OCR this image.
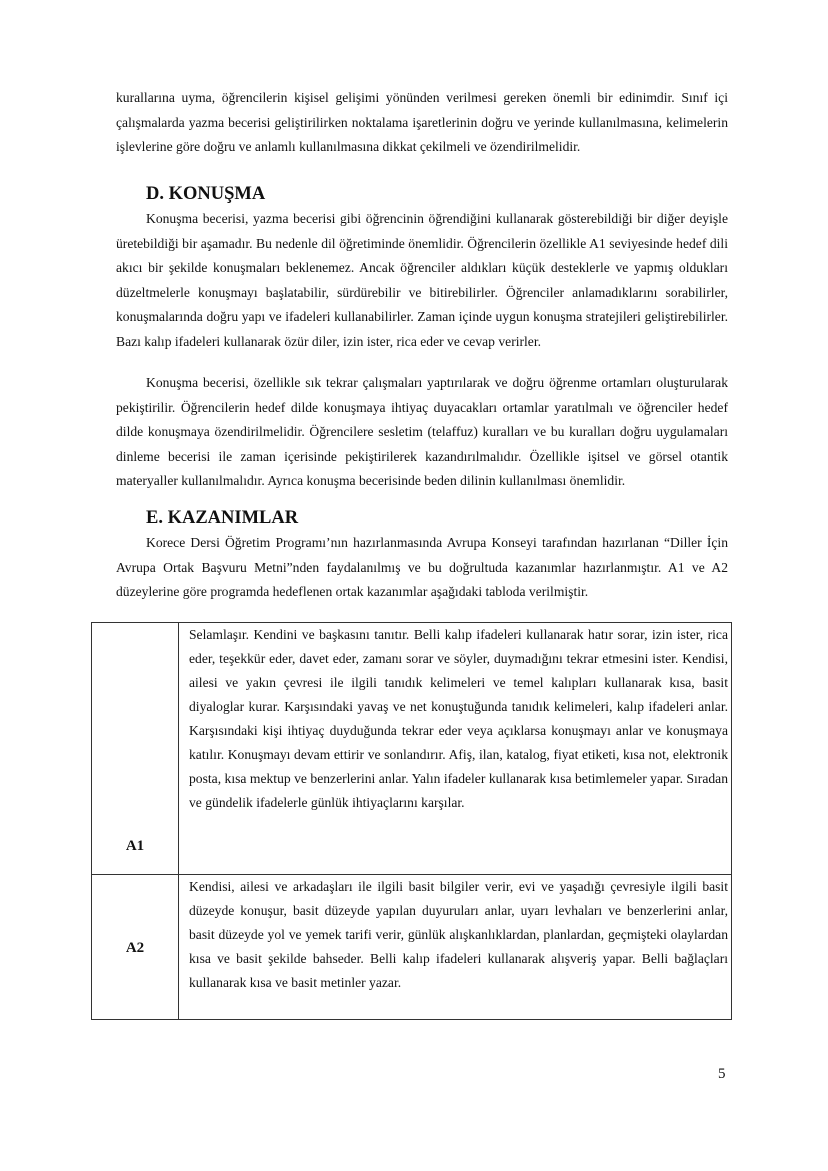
kurallarına uyma, öğrencilerin kişisel gelişimi yönünden verilmesi gereken önemli bir edinimdir. Sınıf içi çalışmalarda yazma becerisi geliştirilirken noktalama işaretlerinin doğru ve yerinde kullanılmasına, kelimelerin işlevlerine göre doğru ve anlamlı kullanılmasına dikkat çekilmeli ve özendirilmelidir.

D. KONUŞMA

Konuşma becerisi, yazma becerisi gibi öğrencinin öğrendiğini kullanarak gösterebildiği bir diğer deyişle üretebildiği bir aşamadır. Bu nedenle dil öğretiminde önemlidir. Öğrencilerin özellikle A1 seviyesinde hedef dili akıcı bir şekilde konuşmaları beklenemez. Ancak öğrenciler aldıkları küçük desteklerle ve yapmış oldukları düzeltmelerle konuşmayı başlatabilir, sürdürebilir ve bitirebilirler. Öğrenciler anlamadıklarını sorabilirler, konuşmalarında doğru yapı ve ifadeleri kullanabilirler. Zaman içinde uygun konuşma stratejileri geliştirebilirler. Bazı kalıp ifadeleri kullanarak özür diler, izin ister, rica eder ve cevap verirler.

Konuşma becerisi, özellikle sık tekrar çalışmaları yaptırılarak ve doğru öğrenme ortamları oluşturularak pekiştirilir. Öğrencilerin hedef dilde konuşmaya ihtiyaç duyacakları ortamlar yaratılmalı ve öğrenciler hedef dilde konuşmaya özendirilmelidir. Öğrencilere sesletim (telaffuz) kuralları ve bu kuralları doğru uygulamaları dinleme becerisi ile zaman içerisinde pekiştirilerek kazandırılmalıdır. Özellikle işitsel ve görsel otantik materyaller kullanılmalıdır. Ayrıca konuşma becerisinde beden dilinin kullanılması önemlidir.

E. KAZANIMLAR

Korece Dersi Öğretim Programı’nın hazırlanmasında Avrupa Konseyi tarafından hazırlanan “Diller İçin Avrupa Ortak Başvuru Metni”nden faydalanılmış ve bu doğrultuda kazanımlar hazırlanmıştır. A1 ve A2 düzeylerine göre programda hedeflenen ortak kazanımlar aşağıdaki tabloda verilmiştir.

A1	Selamlaşır. Kendini ve başkasını tanıtır. Belli kalıp ifadeleri kullanarak hatır sorar, izin ister, rica eder, teşekkür eder, davet eder, zamanı sorar ve söyler, duymadığını tekrar etmesini ister. Kendisi, ailesi ve yakın çevresi ile ilgili tanıdık kelimeleri ve temel kalıpları kullanarak kısa, basit diyaloglar kurar. Karşısındaki yavaş ve net konuştuğunda tanıdık kelimeleri, kalıp ifadeleri anlar. Karşısındaki kişi ihtiyaç duyduğunda tekrar eder veya açıklarsa konuşmayı anlar ve konuşmaya katılır. Konuşmayı devam ettirir ve sonlandırır. Afiş, ilan, katalog, fiyat etiketi, kısa not, elektronik posta, kısa mektup ve benzerlerini anlar. Yalın ifadeler kullanarak kısa betimlemeler yapar. Sıradan ve gündelik ifadelerle günlük ihtiyaçlarını karşılar.
A2	Kendisi, ailesi ve arkadaşları ile ilgili basit bilgiler verir, evi ve yaşadığı çevresiyle ilgili basit düzeyde konuşur, basit düzeyde yapılan duyuruları anlar, uyarı levhaları ve benzerlerini anlar, basit düzeyde yol ve yemek tarifi verir, günlük alışkanlıklardan, planlardan, geçmişteki olaylardan kısa ve basit şekilde bahseder. Belli kalıp ifadeleri kullanarak alışveriş yapar. Belli bağlaçları kullanarak kısa ve basit metinler yazar.
5
